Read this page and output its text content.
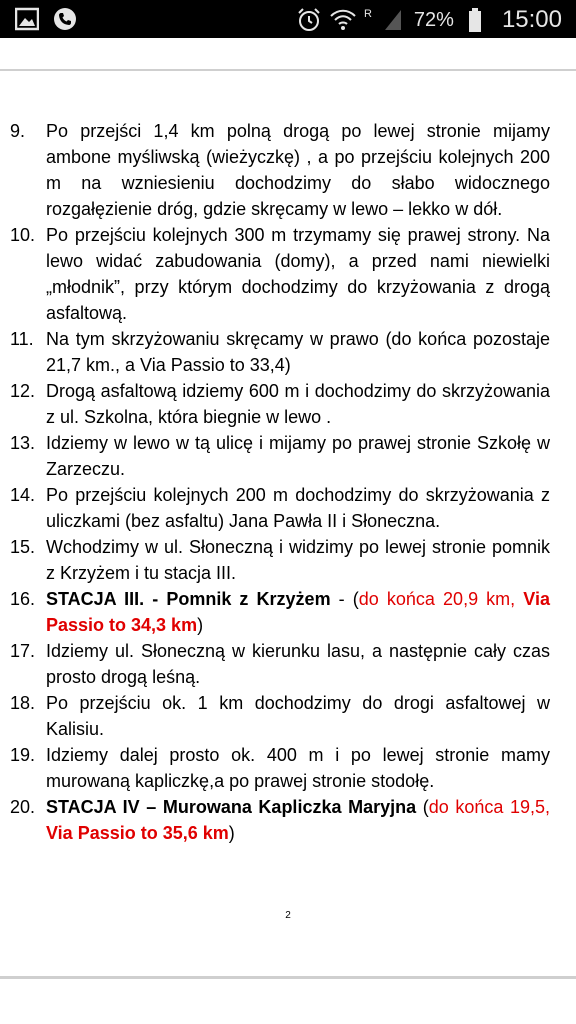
R 72% 15:00
9.	Po przejści 1,4 km polną drogą po lewej stronie mijamy ambone myśliwską (wieżyczkę) , a po przejściu kolejnych 200 m na wzniesieniu dochodzimy do słabo widocznego rozgałęzienie dróg, gdzie skręcamy w lewo – lekko w dół.
10. Po przejściu kolejnych 300 m trzymamy się prawej strony. Na lewo widać zabudowania (domy), a przed nami niewielki „młodnik”, przy którym dochodzimy do krzyżowania z drogą asfaltową.
11. Na tym skrzyżowaniu skręcamy w prawo (do końca pozostaje 21,7 km., a Via Passio to 33,4)
12. Drogą asfaltową idziemy 600 m i dochodzimy do skrzyżowania z ul. Szkolna, która biegnie w lewo .
13. Idziemy w lewo w tą ulicę i mijamy po prawej stronie Szkołę w Zarzeczu.
14. Po przejściu kolejnych 200 m dochodzimy do skrzyżowania z uliczkami (bez asfaltu) Jana Pawła II i Słoneczna.
15. Wchodzimy w ul. Słoneczną i widzimy po lewej stronie pomnik z Krzyżem i tu stacja III.
16. STACJA III. - Pomnik z Krzyżem - (do końca 20,9 km, Via Passio to 34,3 km)
17. Idziemy ul. Słoneczną w kierunku lasu, a następnie cały czas prosto drogą leśną.
18. Po przejściu ok. 1 km dochodzimy do drogi asfaltowej w Kalisiu.
19. Idziemy dalej prosto ok. 400 m i po lewej stronie mamy murowaną kapliczkę,a po prawej stronie stodołę.
20. STACJA IV – Murowana Kapliczka Maryjna (do końca 19,5, Via Passio to 35,6 km)
2
